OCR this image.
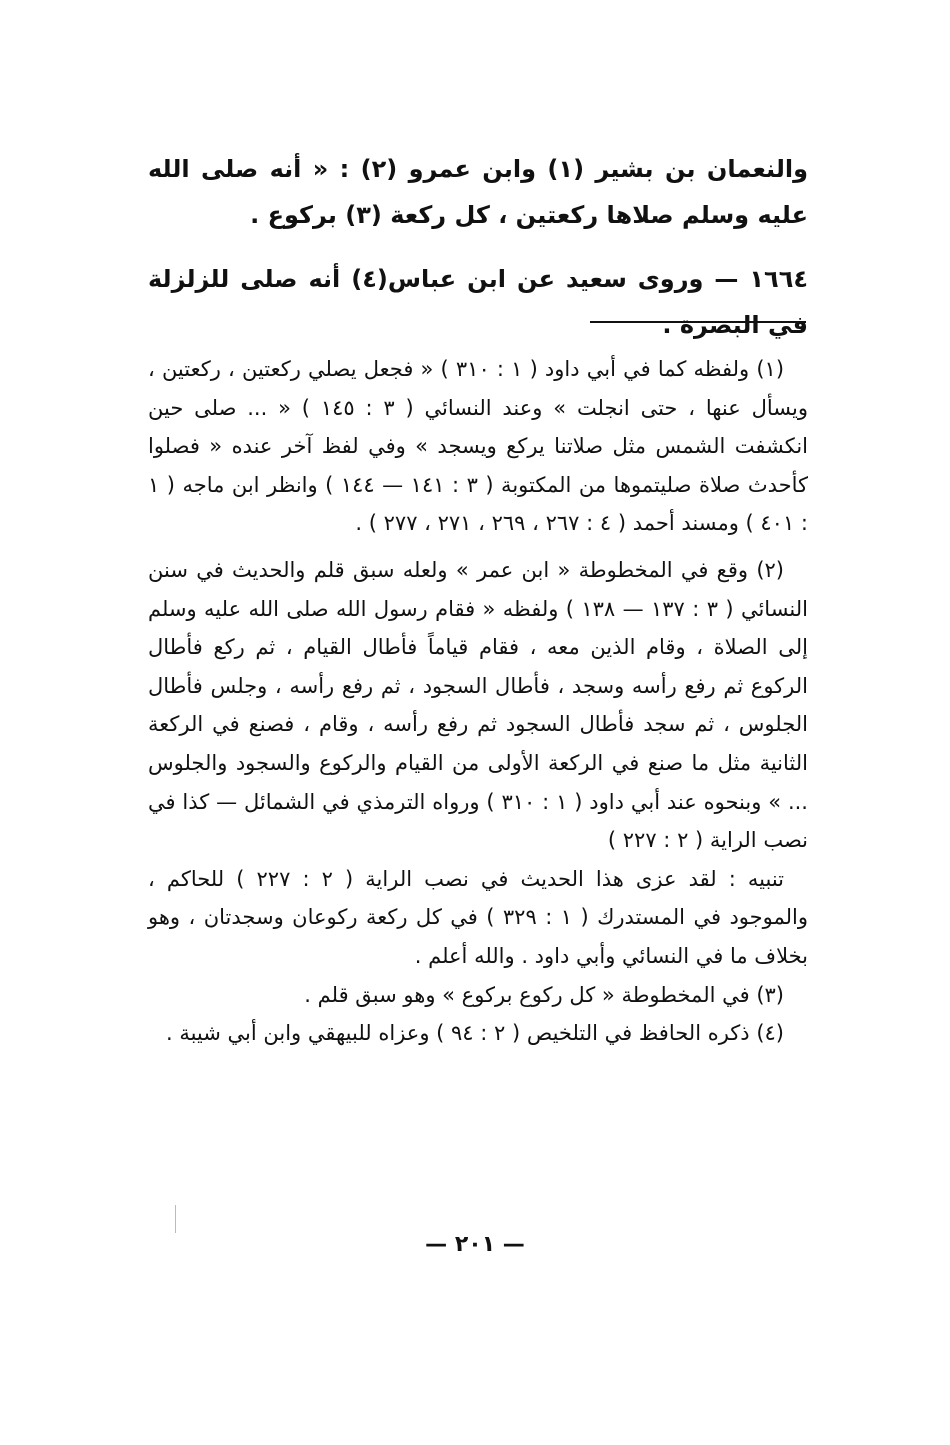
والنعمان بن بشير (١) وابن عمرو (٢) : « أنه صلى الله عليه وسلم صلاها ركعتين ، كل ركعة (٣) بركوع .

١٦٦٤ — وروى سعيد عن ابن عباس(٤) أنه صلى للزلزلة في البصرة .

(١) ولفظه كما في أبي داود ( ١ : ٣١٠ ) « فجعل يصلي ركعتين ، ركعتين ، ويسأل عنها ، حتى انجلت » وعند النسائي ( ٣ : ١٤٥ ) « ... صلى حين انكشفت الشمس مثل صلاتنا يركع ويسجد » وفي لفظ آخر عنده « فصلوا كأحدث صلاة صليتموها من المكتوبة ( ٣ : ١٤١ — ١٤٤ ) وانظر ابن ماجه ( ١ : ٤٠١ ) ومسند أحمد ( ٤ : ٢٦٧ ، ٢٦٩ ، ٢٧١ ، ٢٧٧ ) .

(٢) وقع في المخطوطة « ابن عمر » ولعله سبق قلم والحديث في سنن النسائي ( ٣ : ١٣٧ — ١٣٨ ) ولفظه « فقام رسول الله صلى الله عليه وسلم إلى الصلاة ، وقام الذين معه ، فقام قياماً فأطال القيام ، ثم ركع فأطال الركوع ثم رفع رأسه وسجد ، فأطال السجود ، ثم رفع رأسه ، وجلس فأطال الجلوس ، ثم سجد فأطال السجود ثم رفع رأسه ، وقام ، فصنع في الركعة الثانية مثل ما صنع في الركعة الأولى من القيام والركوع والسجود والجلوس ... » وبنحوه عند أبي داود ( ١ : ٣١٠ ) ورواه الترمذي في الشمائل — كذا في نصب الراية ( ٢ : ٢٢٧ )

تنبيه : لقد عزى هذا الحديث في نصب الراية ( ٢ : ٢٢٧ ) للحاكم ، والموجود في المستدرك ( ١ : ٣٢٩ ) في كل ركعة ركوعان وسجدتان ، وهو بخلاف ما في النسائي وأبي داود . والله أعلم .

(٣) في المخطوطة « كل ركوع بركوع » وهو سبق قلم .

(٤) ذكره الحافظ في التلخيص ( ٢ : ٩٤ ) وعزاه للبيهقي وابن أبي شيبة .

— ٢٠١ —
